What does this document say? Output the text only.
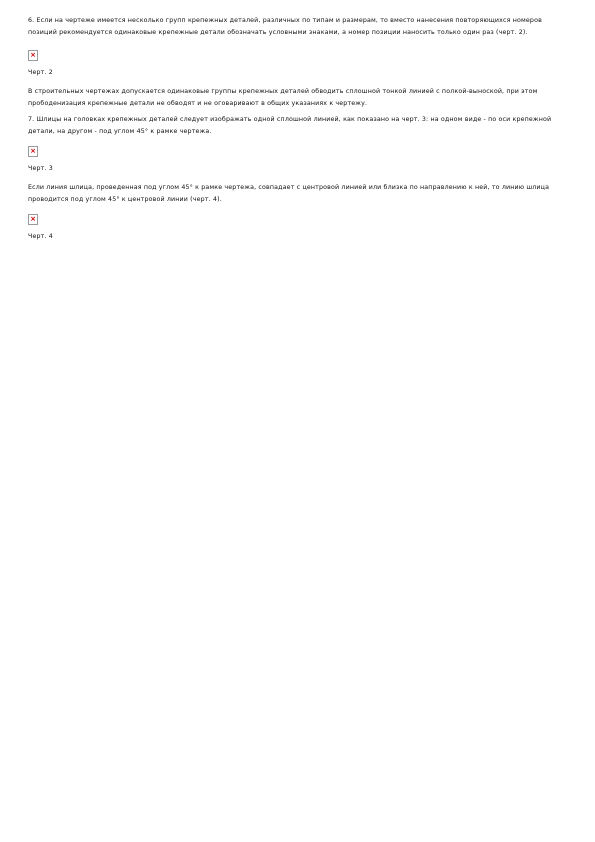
6. Если на чертеже имеется несколько групп крепежных деталей, различных по типам и размерам, то вместо нанесения повторяющихся номеров позиций рекомендуется одинаковые крепежные детали обозначать условными знаками, а номер позиции наносить только один раз (черт. 2).

×

Черт. 2

В строительных чертежах допускается одинаковые группы крепежных деталей обводить сплошной тонкой линией с полкой-выноской, при этом прободенизация крепежные детали не обводят и не оговаривают в общих указаниях к чертежу.

7. Шлицы на головках крепежных деталей следует изображать одной сплошной линией, как показано на черт. 3: на одном виде - по оси крепежной детали, на другом - под углом 45° к рамке чертежа.

×

Черт. 3

Если линия шлица, проведенная под углом 45° к рамке чертежа, совпадает с центровой линией или близка по направлению к ней, то линию шлица проводится под углом 45° к центровой линии (черт. 4).

×

Черт. 4
